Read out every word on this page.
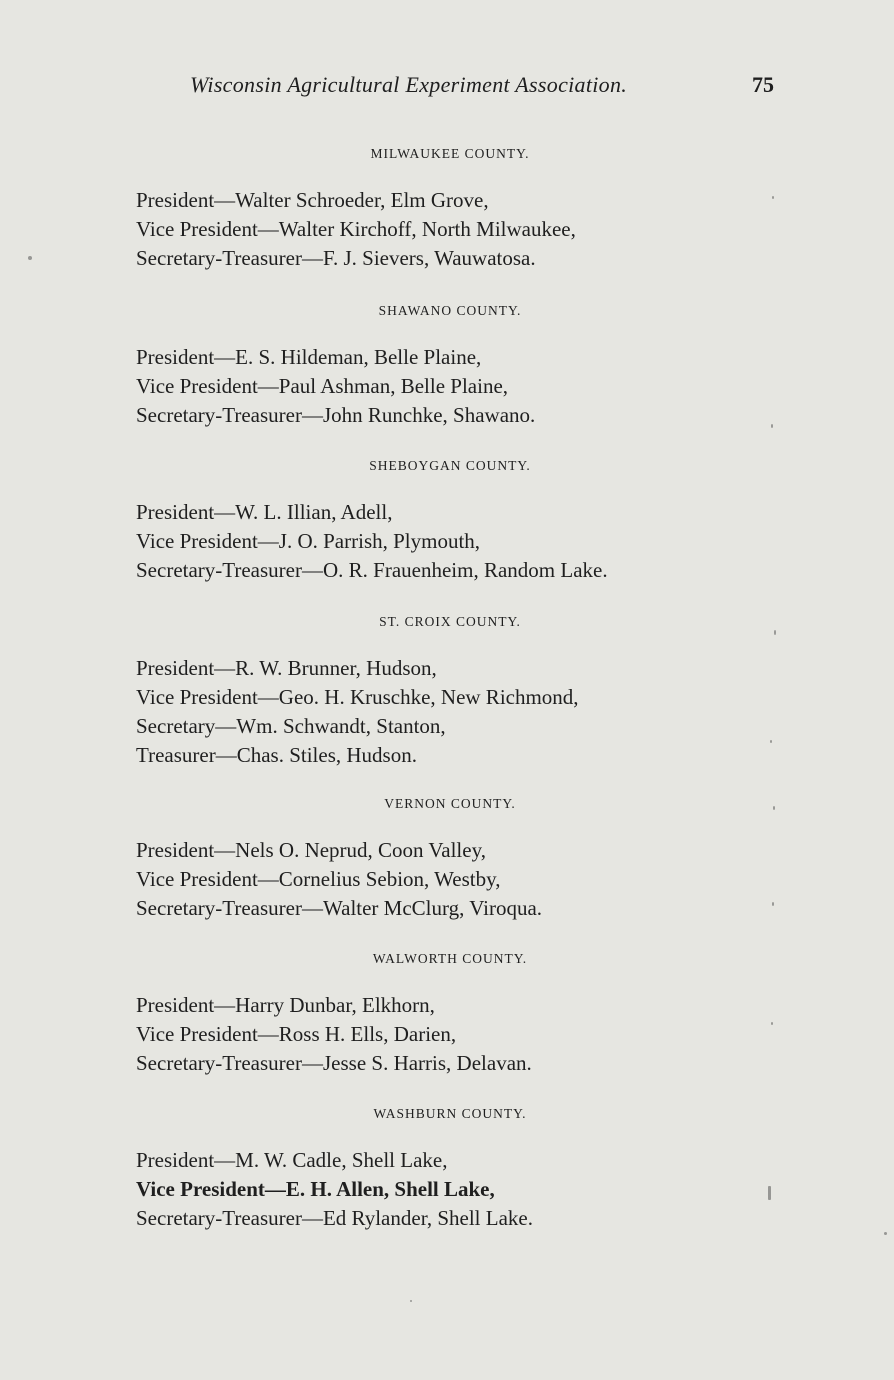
Wisconsin Agricultural Experiment Association.	75
MILWAUKEE COUNTY.
President—Walter Schroeder, Elm Grove,
Vice President—Walter Kirchoff, North Milwaukee,
Secretary-Treasurer—F. J. Sievers, Wauwatosa.
SHAWANO COUNTY.
President—E. S. Hildeman, Belle Plaine,
Vice President—Paul Ashman, Belle Plaine,
Secretary-Treasurer—John Runchke, Shawano.
SHEBOYGAN COUNTY.
President—W. L. Illian, Adell,
Vice President—J. O. Parrish, Plymouth,
Secretary-Treasurer—O. R. Frauenheim, Random Lake.
ST. CROIX COUNTY.
President—R. W. Brunner, Hudson,
Vice President—Geo. H. Kruschke, New Richmond,
Secretary—Wm. Schwandt, Stanton,
Treasurer—Chas. Stiles, Hudson.
VERNON COUNTY.
President—Nels O. Neprud, Coon Valley,
Vice President—Cornelius Sebion, Westby,
Secretary-Treasurer—Walter McClurg, Viroqua.
WALWORTH COUNTY.
President—Harry Dunbar, Elkhorn,
Vice President—Ross H. Ells, Darien,
Secretary-Treasurer—Jesse S. Harris, Delavan.
WASHBURN COUNTY.
President—M. W. Cadle, Shell Lake,
Vice President—E. H. Allen, Shell Lake,
Secretary-Treasurer—Ed Rylander, Shell Lake.
